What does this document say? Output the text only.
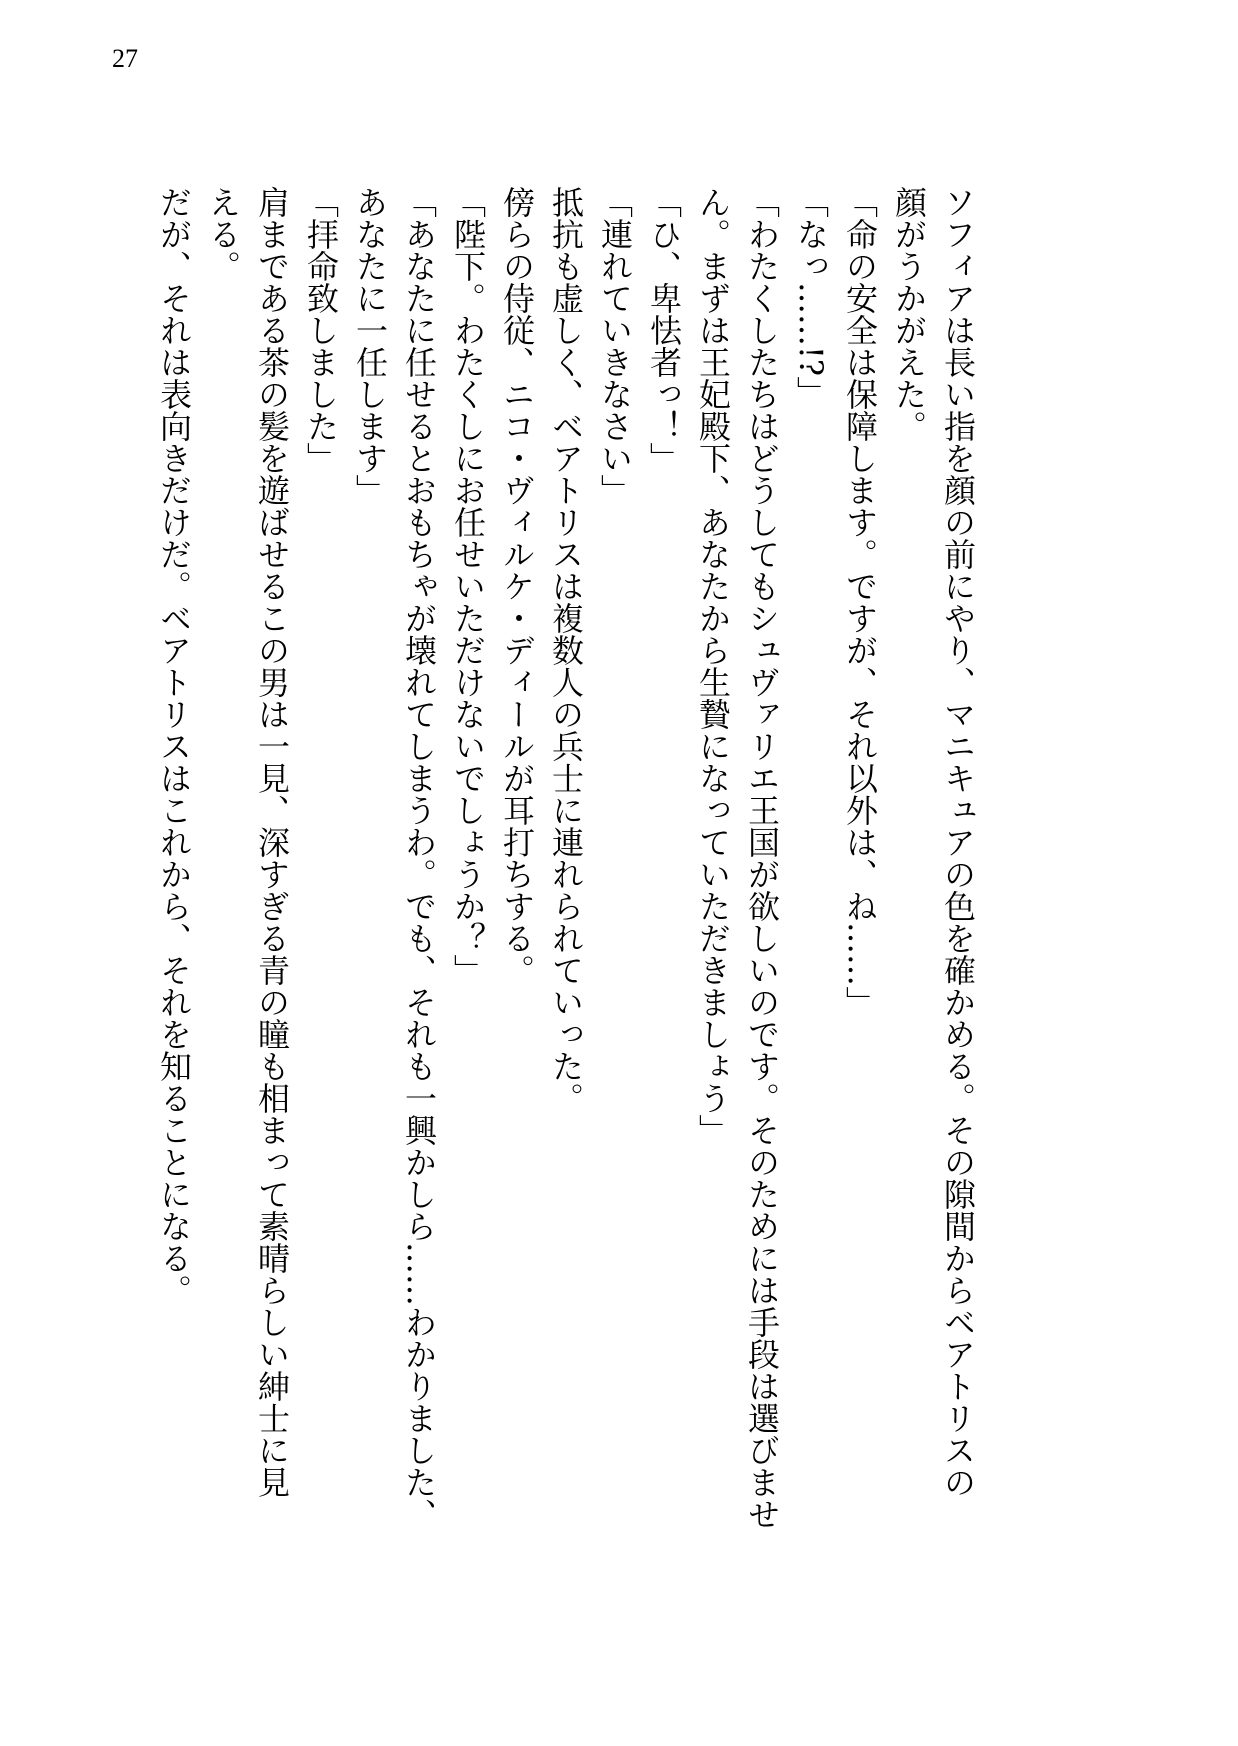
27
ソフィアは長い指を顔の前にやり、マニキュアの色を確かめる。その隙間からベアトリスの
顔がうかがえた。
「命の安全は保障します。ですが、それ以外は、ね……」
「なっ……!?」
「わたくしたちはどうしてもシュヴァリエ王国が欲しいのです。そのためには手段は選びませ
ん。まずは王妃殿下、あなたから生贄になっていただきましょう」
「ひ、卑怯者っ！」
「連れていきなさい」
抵抗も虚しく、ベアトリスは複数人の兵士に連れられていった。
傍らの侍従、ニコ・ヴィルケ・ディールが耳打ちする。
「陛下。わたくしにお任せいただけないでしょうか？」
「あなたに任せるとおもちゃが壊れてしまうわ。でも、それも一興かしら……わかりました、
あなたに一任します」
「拝命致しました」
肩まである茶の髪を遊ばせるこの男は一見、深すぎる青の瞳も相まって素晴らしい紳士に見
える。
だが、それは表向きだけだ。ベアトリスはこれから、それを知ることになる。
